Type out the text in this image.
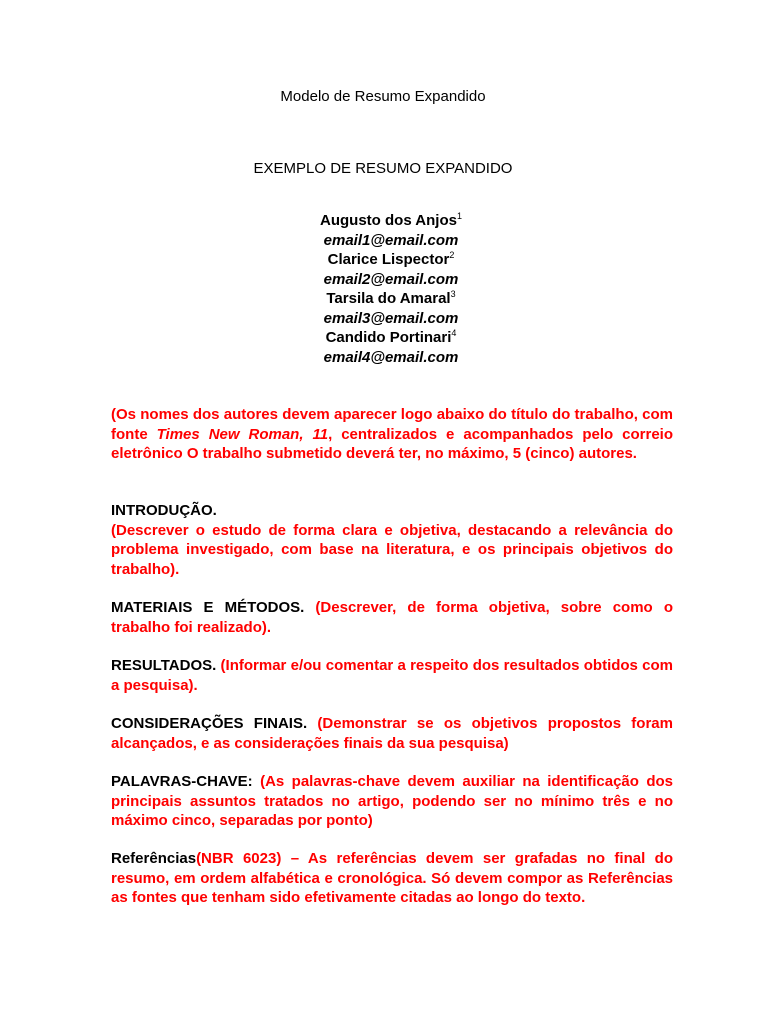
Modelo de Resumo Expandido
EXEMPLO DE RESUMO EXPANDIDO
Augusto dos Anjos$^1$
email1@email.com
Clarice Lispector$^2$
email2@email.com
Tarsila do Amaral$^3$
email3@email.com
Candido Portinari$^4$
email4@email.com
(Os nomes dos autores devem aparecer logo abaixo do título do trabalho, com fonte Times New Roman, 11, centralizados e acompanhados pelo correio eletrônico O trabalho submetido deverá ter, no máximo, 5 (cinco) autores.
INTRODUÇÃO.
(Descrever o estudo de forma clara e objetiva, destacando a relevância do problema investigado, com base na literatura, e os principais objetivos do trabalho).
MATERIAIS E MÉTODOS. (Descrever, de forma objetiva, sobre como o trabalho foi realizado).
RESULTADOS. (Informar e/ou comentar a respeito dos resultados obtidos com a pesquisa).
CONSIDERAÇÕES FINAIS. (Demonstrar se os objetivos propostos foram alcançados, e as considerações finais da sua pesquisa)
PALAVRAS-CHAVE: (As palavras-chave devem auxiliar na identificação dos principais assuntos tratados no artigo, podendo ser no mínimo três e no máximo cinco, separadas por ponto)
Referências(NBR 6023) – As referências devem ser grafadas no final do resumo, em ordem alfabética e cronológica. Só devem compor as Referências as fontes que tenham sido efetivamente citadas ao longo do texto.
